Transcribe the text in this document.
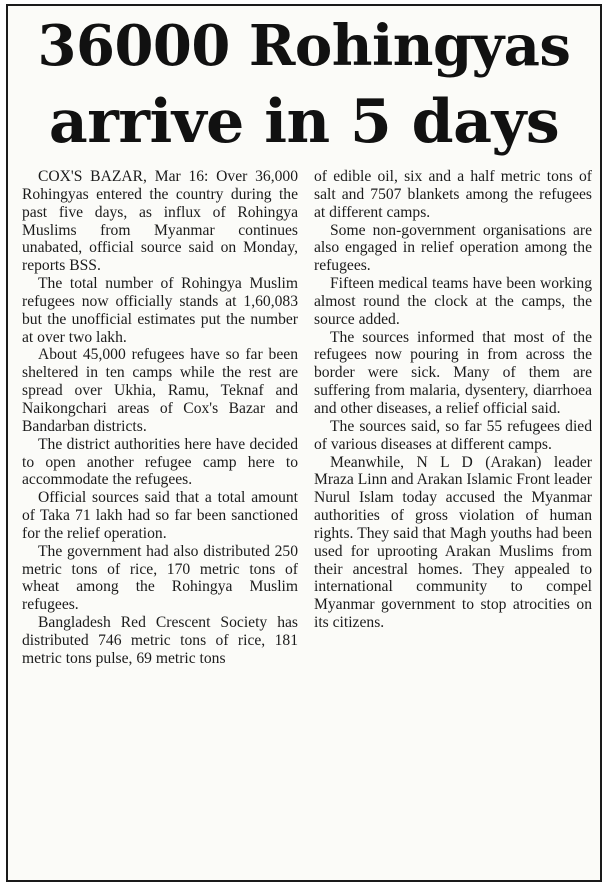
36000 Rohingyas
arrive in 5 days

COX'S BAZAR, Mar 16: Over 36,000 Rohingyas entered the country during the past five days, as influx of Rohingya Muslims from Myanmar continues unabated, official source said on Monday, reports BSS.

The total number of Rohingya Muslim refugees now officially stands at 1,60,083 but the unofficial estimates put the number at over two lakh.

About 45,000 refugees have so far been sheltered in ten camps while the rest are spread over Ukhia, Ramu, Teknaf and Naikongchari areas of Cox's Bazar and Bandarban districts.

The district authorities here have decided to open another refugee camp here to accommodate the refugees.

Official sources said that a total amount of Taka 71 lakh had so far been sanctioned for the relief operation.

The government had also distributed 250 metric tons of rice, 170 metric tons of wheat among the Rohingya Muslim refugees.

Bangladesh Red Crescent Society has distributed 746 metric tons of rice, 181 metric tons pulse, 69 metric tons

of edible oil, six and a half metric tons of salt and 7507 blankets among the refugees at different camps.

Some non-government organisations are also engaged in relief operation among the refugees.

Fifteen medical teams have been working almost round the clock at the camps, the source added.

The sources informed that most of the refugees now pouring in from across the border were sick. Many of them are suffering from malaria, dysentery, diarrhoea and other diseases, a relief official said.

The sources said, so far 55 refugees died of various diseases at different camps.

Meanwhile, N L D (Arakan) leader Mraza Linn and Arakan Islamic Front leader Nurul Islam today accused the Myanmar authorities of gross violation of human rights. They said that Magh youths had been used for uprooting Arakan Muslims from their ancestral homes. They appealed to international community to compel Myanmar government to stop atrocities on its citizens.
